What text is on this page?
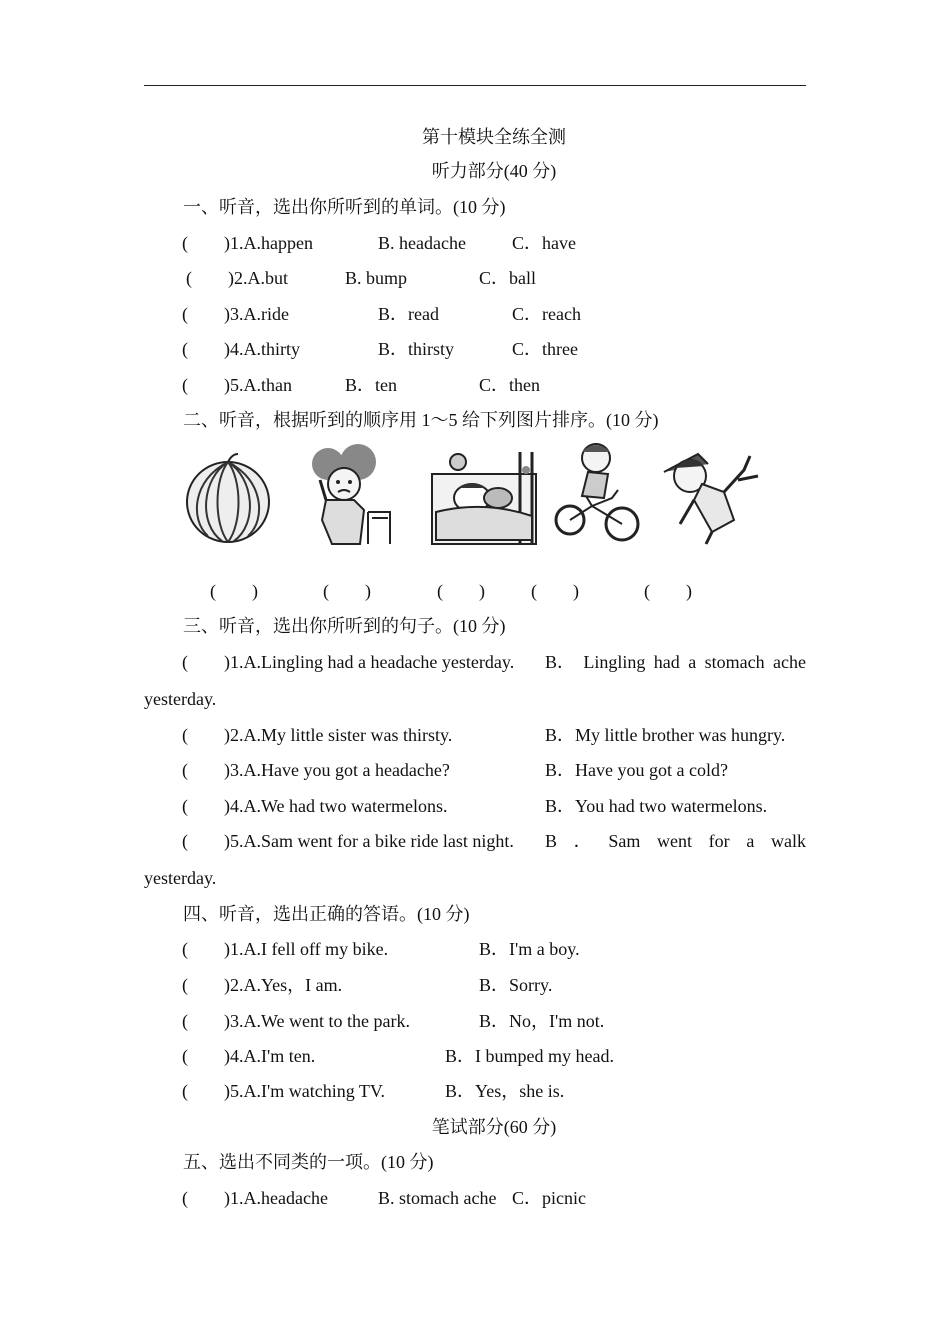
第十模块全练全测
听力部分(40 分)
一、听音，选出你所听到的单词。(10 分)
(        )1.A.happen	B. headache	C．have
(        )2.A.but	B. bump	C．ball
(        )3.A.ride	B．read	C．reach
(        )4.A.thirty	B．thirsty	C．three
(        )5.A.than	B．ten	C．then
二、听音，根据听到的顺序用 1～5 给下列图片排序。(10 分)
(        )	(        )	(        )	(        )	(        )
三、听音，选出你所听到的句子。(10 分)
(        )1.A.Lingling had a headache yesterday. B． Lingling had a stomach ache
yesterday.
(        )2.A.My little sister was thirsty.	B．My little brother was hungry.
(        )3.A.Have you got a headache?	B．Have you got a cold?
(        )4.A.We had two watermelons.	B．You had two watermelons.
(        )5.A.Sam went for a bike ride last night. B ． Sam went for a walk
yesterday.
四、听音，选出正确的答语。(10 分)
(        )1.A.I fell off my bike.	B．I'm a boy.
(        )2.A.Yes，I am.	B．Sorry.
(        )3.A.We went to the park.	B．No，I'm not.
(        )4.A.I'm ten.	B．I bumped my head.
(        )5.A.I'm watching TV.	B．Yes，she is.
笔试部分(60 分)
五、选出不同类的一项。(10 分)
(        )1.A.headache	B. stomach ache C．picnic
